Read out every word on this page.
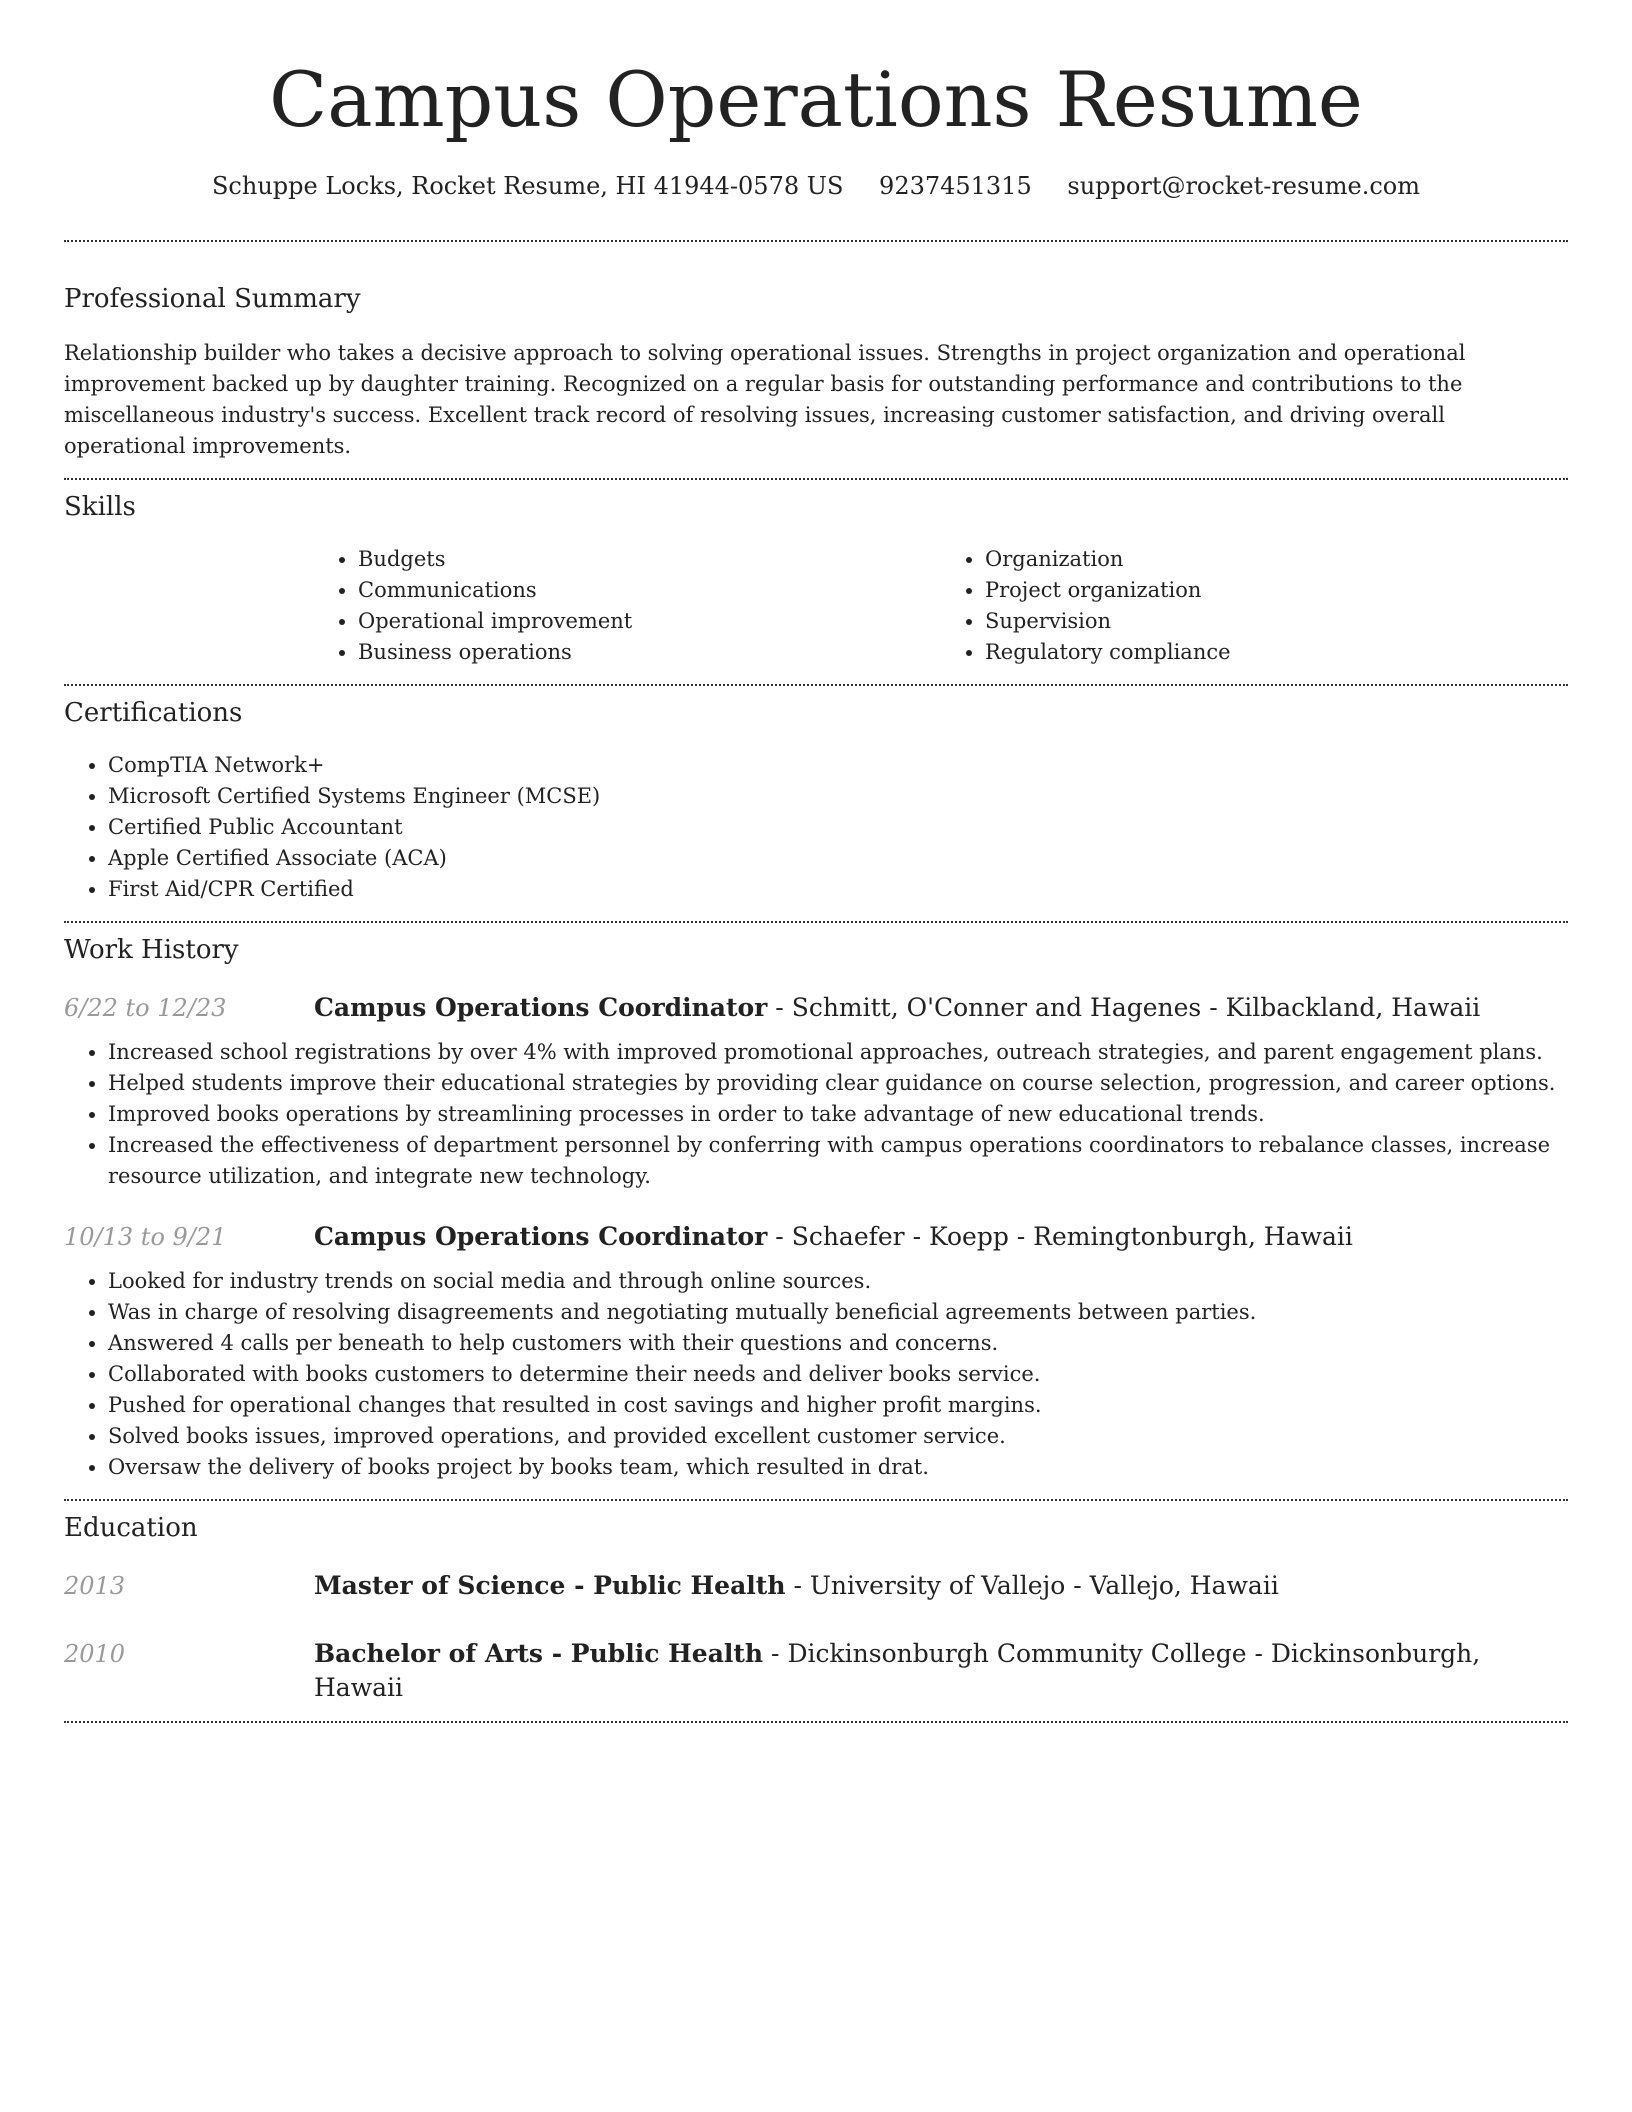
Campus Operations Resume
Schuppe Locks, Rocket Resume, HI 41944-0578 US 9237451315 support@rocket-resume.com
Professional Summary

Relationship builder who takes a decisive approach to solving operational issues. Strengths in project organization and operational improvement backed up by daughter training. Recognized on a regular basis for outstanding performance and contributions to the miscellaneous industry's success. Excellent track record of resolving issues, increasing customer satisfaction, and driving overall operational improvements.

Skills
• Budgets
• Communications
• Operational improvement
• Business operations
• Organization
• Project organization
• Supervision
• Regulatory compliance
Certifications
• CompTIA Network+
• Microsoft Certified Systems Engineer (MCSE)
• Certified Public Accountant
• Apple Certified Associate (ACA)
• First Aid/CPR Certified
Work History
6/22 to 12/23	Campus Operations Coordinator - Schmitt, O'Conner and Hagenes - Kilbackland, Hawaii
• Increased school registrations by over 4% with improved promotional approaches, outreach strategies, and parent engagement plans.
• Helped students improve their educational strategies by providing clear guidance on course selection, progression, and career options.
• Improved books operations by streamlining processes in order to take advantage of new educational trends.
• Increased the effectiveness of department personnel by conferring with campus operations coordinators to rebalance classes, increase resource utilization, and integrate new technology.
10/13 to 9/21	Campus Operations Coordinator - Schaefer - Koepp - Remingtonburgh, Hawaii
• Looked for industry trends on social media and through online sources.
• Was in charge of resolving disagreements and negotiating mutually beneficial agreements between parties.
• Answered 4 calls per beneath to help customers with their questions and concerns.
• Collaborated with books customers to determine their needs and deliver books service.
• Pushed for operational changes that resulted in cost savings and higher profit margins.
• Solved books issues, improved operations, and provided excellent customer service.
• Oversaw the delivery of books project by books team, which resulted in drat.
Education
2013	Master of Science - Public Health - University of Vallejo - Vallejo, Hawaii
2010	Bachelor of Arts - Public Health - Dickinsonburgh Community College - Dickinsonburgh, Hawaii
